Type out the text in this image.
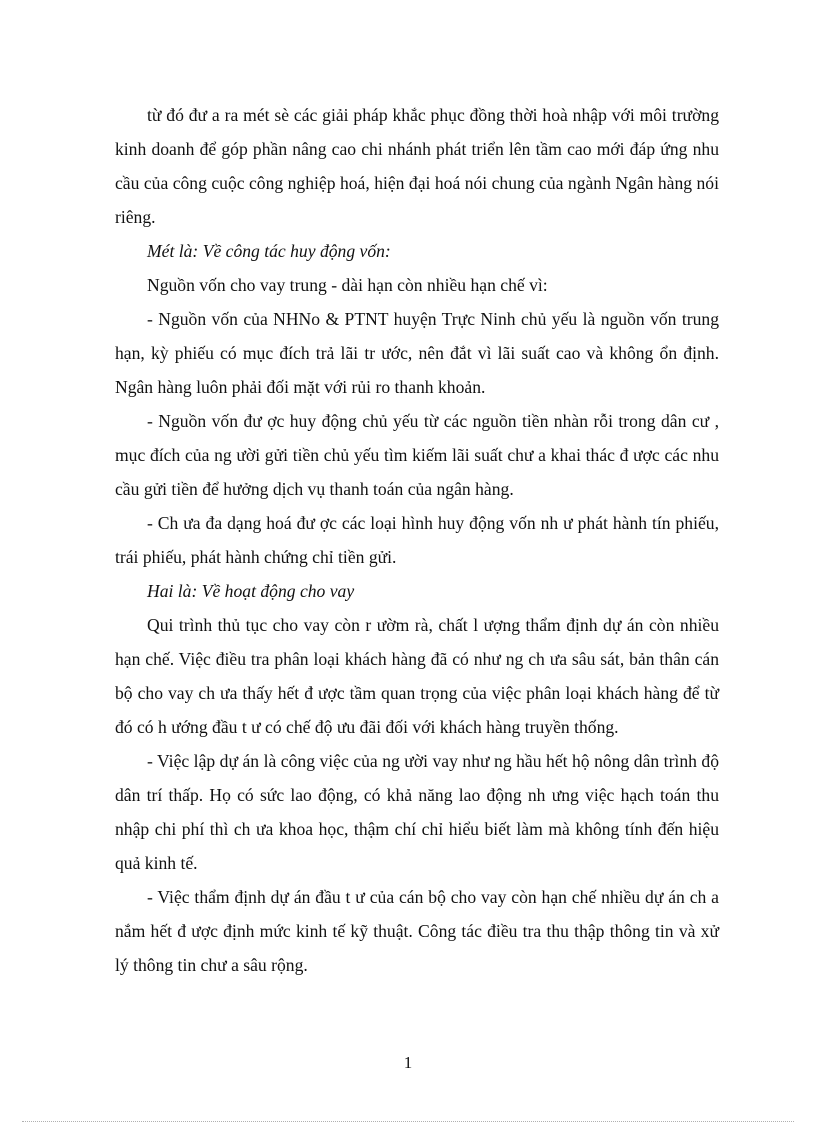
từ đó đư a ra mét sè các giải pháp khắc phục đồng thời hoà nhập với môi trường kinh doanh để góp phần nâng cao chi nhánh phát triển lên tầm cao mới đáp ứng nhu cầu của công cuộc công nghiệp hoá, hiện đại hoá nói chung của ngành Ngân hàng nói riêng.

Mét là: Về công tác huy động vốn:

Nguồn vốn cho vay trung - dài hạn còn nhiều hạn chế vì:

- Nguồn vốn của NHNo & PTNT huyện Trực Ninh chủ yếu là nguồn vốn trung hạn, kỳ phiếu có mục đích trả lãi tr ước, nên đắt vì lãi suất cao và không ổn định. Ngân hàng luôn phải đối mặt với rủi ro thanh khoản.

- Nguồn vốn đư ợc huy động chủ yếu từ các nguồn tiền nhàn rỗi trong dân cư , mục đích của ng ười gửi tiền chủ yếu tìm kiếm lãi suất chư a khai thác đ ược các nhu cầu gửi tiền để hưởng dịch vụ thanh toán của ngân hàng.

- Ch ưa đa dạng hoá đư ợc các loại hình huy động vốn nh ư phát hành tín phiếu, trái phiếu, phát hành chứng chỉ tiền gửi.

Hai là: Về hoạt động cho vay

Qui trình thủ tục cho vay còn r ườm rà, chất l ượng thẩm định dự án còn nhiều hạn chế. Việc điều tra phân loại khách hàng đã có như ng ch ưa sâu sát, bản thân cán bộ cho vay ch ưa thấy hết đ ược tầm quan trọng của việc phân loại khách hàng để từ đó có h ướng đầu t ư có chế độ ưu đãi đối với khách hàng truyền thống.

- Việc lập dự án là công việc của ng ười vay như ng hầu hết hộ nông dân trình độ dân trí thấp. Họ có sức lao động, có khả năng lao động nh ưng việc hạch toán thu nhập chi phí thì ch ưa khoa học, thậm chí chỉ hiểu biết làm mà không tính đến hiệu quả kinh tế.

- Việc thẩm định dự án đầu t ư của cán bộ cho vay còn hạn chế nhiều dự án ch a nắm hết đ ược định mức kinh tế kỹ thuật. Công tác điều tra thu thập thông tin và xử lý thông tin chư a sâu rộng.

1
